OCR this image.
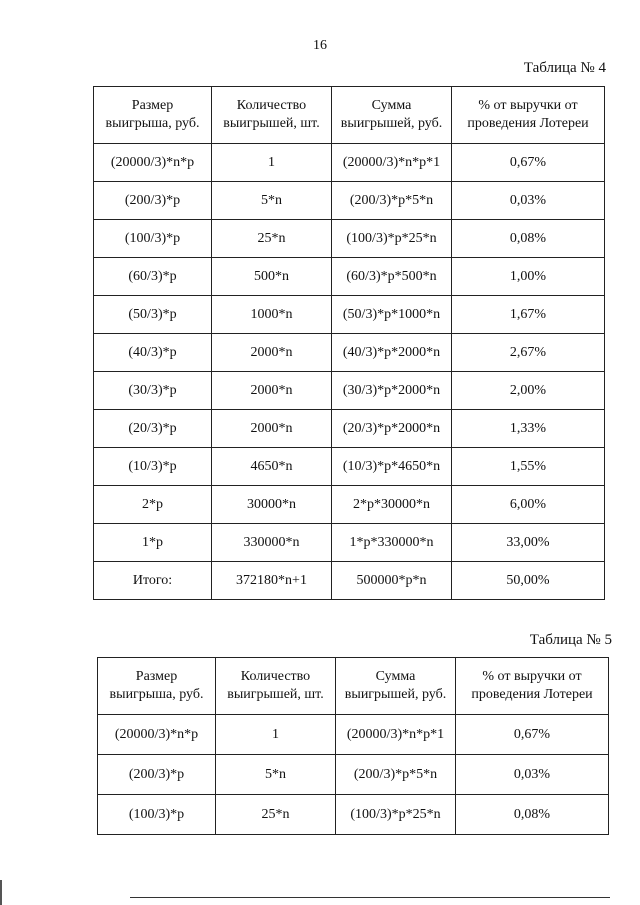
16
Таблица № 4
Размер выигрыша, руб.	Количество выигрышей, шт.	Сумма выигрышей, руб.	% от выручки от проведения Лотереи
(20000/3)*n*p	1	(20000/3)*n*p*1	0,67%
(200/3)*p	5*n	(200/3)*p*5*n	0,03%
(100/3)*p	25*n	(100/3)*p*25*n	0,08%
(60/3)*p	500*n	(60/3)*p*500*n	1,00%
(50/3)*p	1000*n	(50/3)*p*1000*n	1,67%
(40/3)*p	2000*n	(40/3)*p*2000*n	2,67%
(30/3)*p	2000*n	(30/3)*p*2000*n	2,00%
(20/3)*p	2000*n	(20/3)*p*2000*n	1,33%
(10/3)*p	4650*n	(10/3)*p*4650*n	1,55%
2*p	30000*n	2*p*30000*n	6,00%
1*p	330000*n	1*p*330000*n	33,00%
Итого:	372180*n+1	500000*p*n	50,00%
Таблица № 5
Размер выигрыша, руб.	Количество выигрышей, шт.	Сумма выигрышей, руб.	% от выручки от проведения Лотереи
(20000/3)*n*p	1	(20000/3)*n*p*1	0,67%
(200/3)*p	5*n	(200/3)*p*5*n	0,03%
(100/3)*p	25*n	(100/3)*p*25*n	0,08%
